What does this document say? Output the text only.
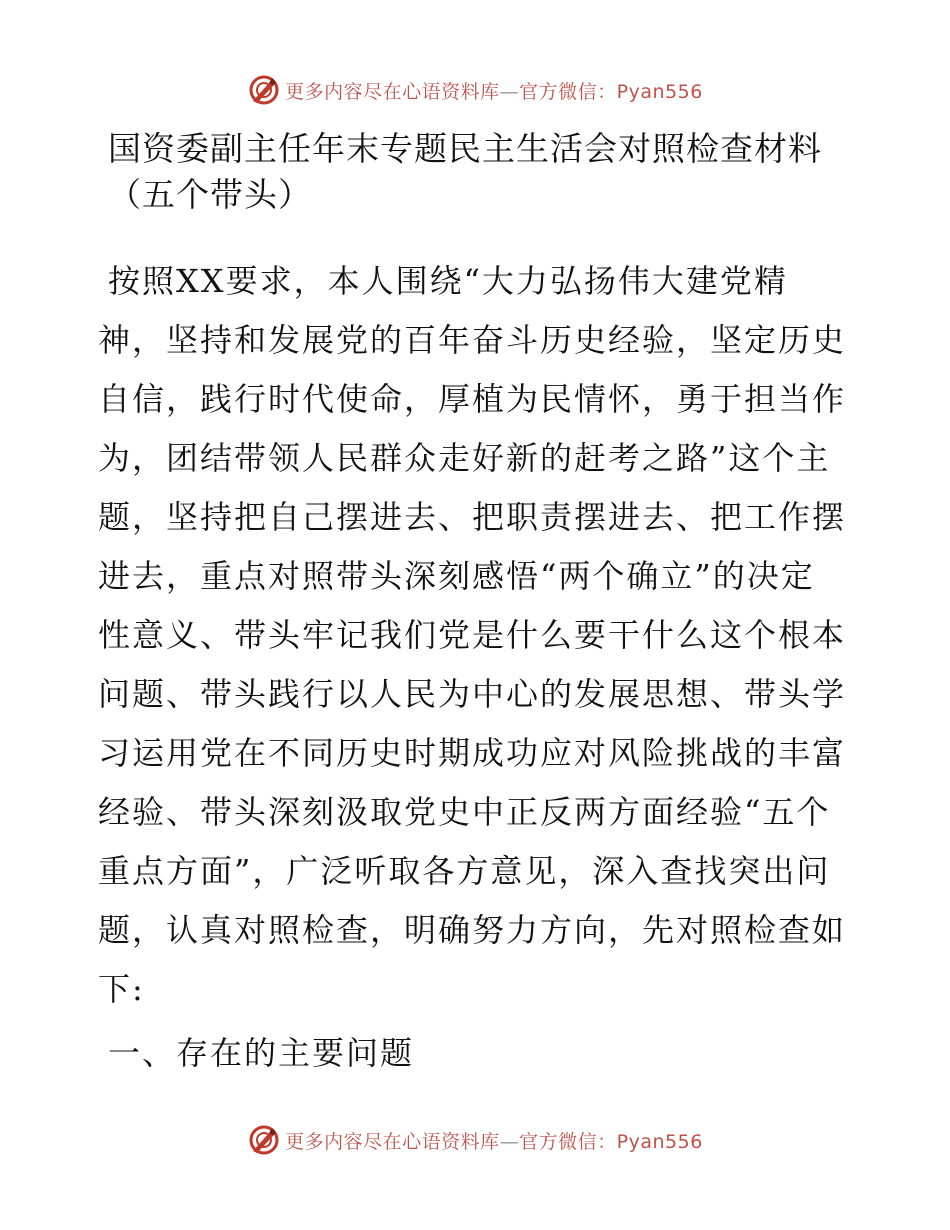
更多内容尽在心语资料库—官方微信：Pyan556
国资委副主任年末专题民主生活会对照检查材料
（五个带头）
按照XX要求，本人围绕“大力弘扬伟大建党精
神，坚持和发展党的百年奋斗历史经验，坚定历史
自信，践行时代使命，厚植为民情怀，勇于担当作
为，团结带领人民群众走好新的赶考之路”这个主
题，坚持把自己摆进去、把职责摆进去、把工作摆
进去，重点对照带头深刻感悟“两个确立”的决定
性意义、带头牢记我们党是什么要干什么这个根本
问题、带头践行以人民为中心的发展思想、带头学
习运用党在不同历史时期成功应对风险挑战的丰富
经验、带头深刻汲取党史中正反两方面经验“五个
重点方面”，广泛听取各方意见，深入查找突出问
题，认真对照检查，明确努力方向，先对照检查如
下:
一、存在的主要问题
更多内容尽在心语资料库—官方微信：Pyan556
